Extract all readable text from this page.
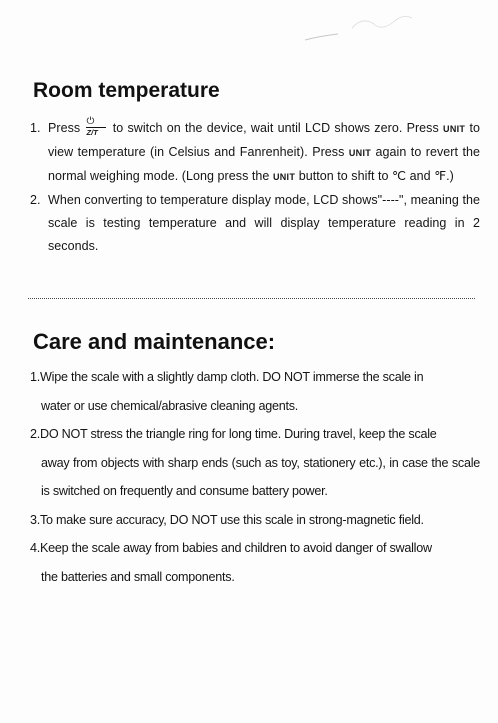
Room temperature
1. Press ⏻
Z/T	to switch on the device, wait until LCD shows zero. Press UNIT to view temperature (in Celsius and Fanrenheit). Press UNIT again to revert the normal weighing mode. (Long press the UNIT button to shift to ℃ and ℉.)
2. When converting to temperature display mode, LCD shows"----", meaning the scale is testing temperature and will display temperature reading in 2 seconds.
Care and maintenance:
1.Wipe the scale with a slightly damp cloth. DO NOT immerse the scale in
water or use chemical/abrasive cleaning agents.
2.DO NOT stress the triangle ring for long time. During travel, keep the scale
away from objects with sharp ends (such as toy, stationery etc.), in case the scale is switched on frequently and consume battery power.
3.To make sure accuracy, DO NOT use this scale in strong-magnetic field.
4.Keep the scale away from babies and children to avoid danger of swallow
the batteries and small components.
